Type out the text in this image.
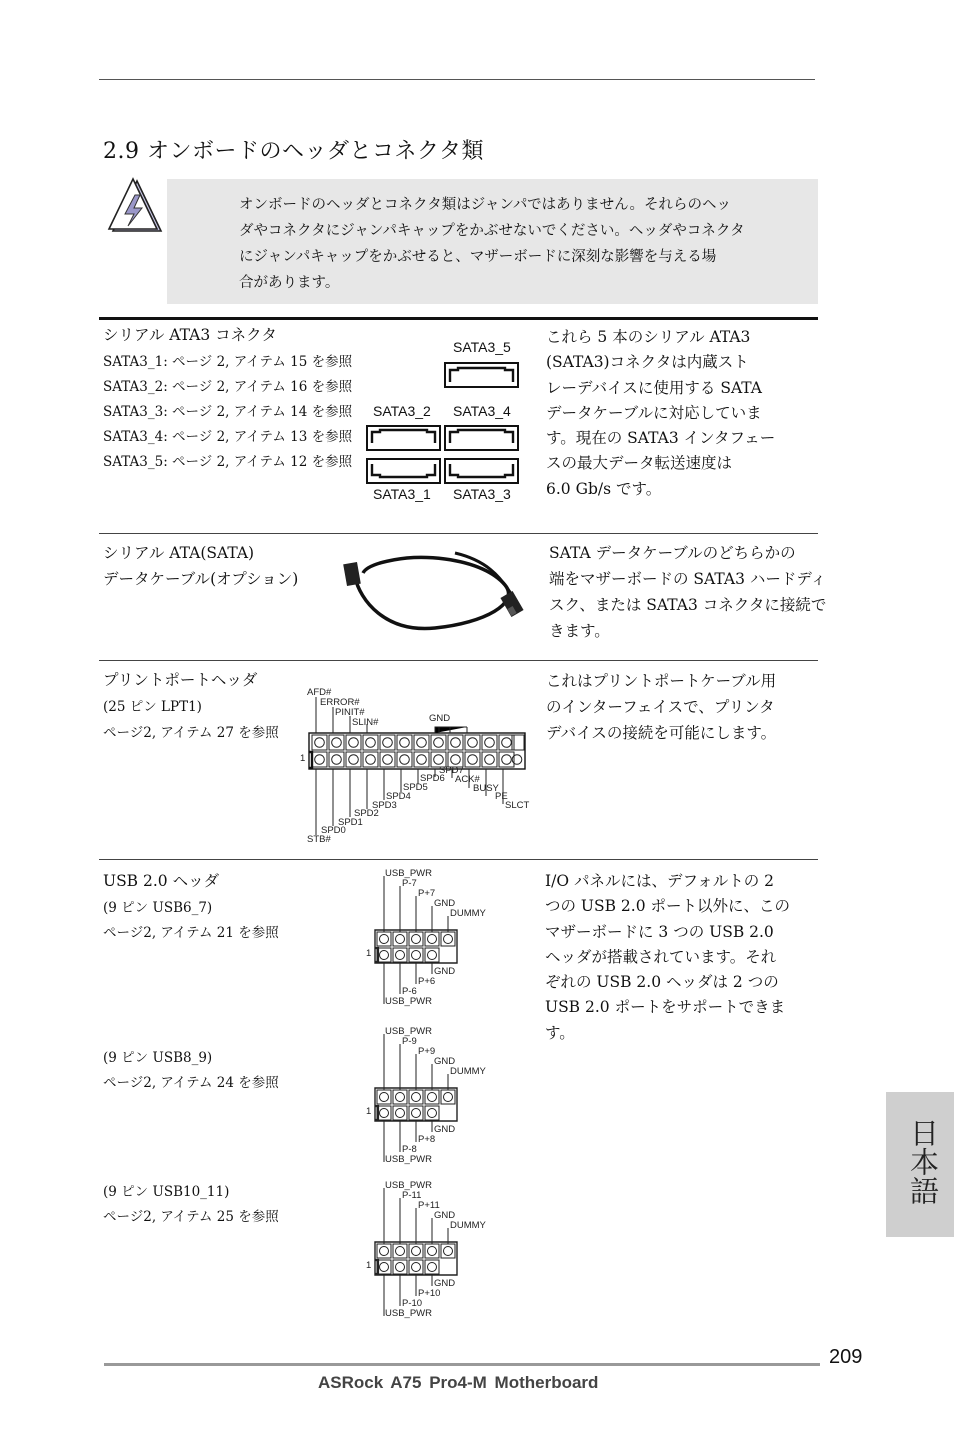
2.9 オンボードのヘッダとコネクタ類
オンボードのヘッダとコネクタ類はジャンパではありません。それらのヘッ
ダやコネクタにジャンパキャップをかぶせないでください。ヘッダやコネクタ
にジャンパキャップをかぶせると、マザーボードに深刻な影響を与える場
合があります。
シリアル ATA3 コネクタ
SATA3_1: ページ 2, アイテム 15 を参照
SATA3_2: ページ 2, アイテム 16 を参照
SATA3_3: ページ 2, アイテム 14 を参照
SATA3_4: ページ 2, アイテム 13 を参照
SATA3_5: ページ 2, アイテム 12 を参照
SATA3_5
SATA3_2 SATA3_4
SATA3_1 SATA3_3
これら 5 本のシリアル ATA3
(SATA3)コネクタは内蔵スト
レーデバイスに使用する SATA
データケーブルに対応していま
す。現在の SATA3 インタフェー
スの最大データ転送速度は
6.0 Gb/s です。
シリアル ATA(SATA)
データケーブル(オプション)
SATA データケーブルのどちらかの
端をマザーボードの SATA3 ハードディ
スク、または SATA3 コネクタに接続で
きます。
プリントポートヘッダ
(25 ピン LPT1)
ページ2, アイテム 27 を参照
AFD#
ERROR#
PINIT#
SLIN#	GND
1
SPD7
SPD6 ACK#
SPD5	BUSY
SPD4	PE
SPD3	SLCT
SPD2
SPD1
SPD0
STB#
これはプリントポートケーブル用
のインターフェイスで、プリンタ
デバイスの接続を可能にします。
USB 2.0 ヘッダ
(9 ピン USB6_7)
ページ2, アイテム 21 を参照
(9 ピン USB8_9)
ページ2, アイテム 24 を参照
(9 ピン USB10_11)
ページ2, アイテム 25 を参照
USB_PWR
P-7
P+7
GND
DUMMY
GND
P+6
P-6
USB_PWR
1
USB_PWR
P-9
P+9
GND
DUMMY
GND
P+8
P-8
USB_PWR
1
USB_PWR
P-11
P+11
GND
DUMMY
GND
P+10
P-10
USB_PWR
1
I/O パネルには、デフォルトの 2
つの USB 2.0 ポート以外に、この
マザーボードに 3 つの USB 2.0
ヘッダが搭載されています。それ
ぞれの USB 2.0 ヘッダは 2 つの
USB 2.0 ポートをサポートできま
す。
日本語
209
ASRock A75 Pro4-M Motherboard
